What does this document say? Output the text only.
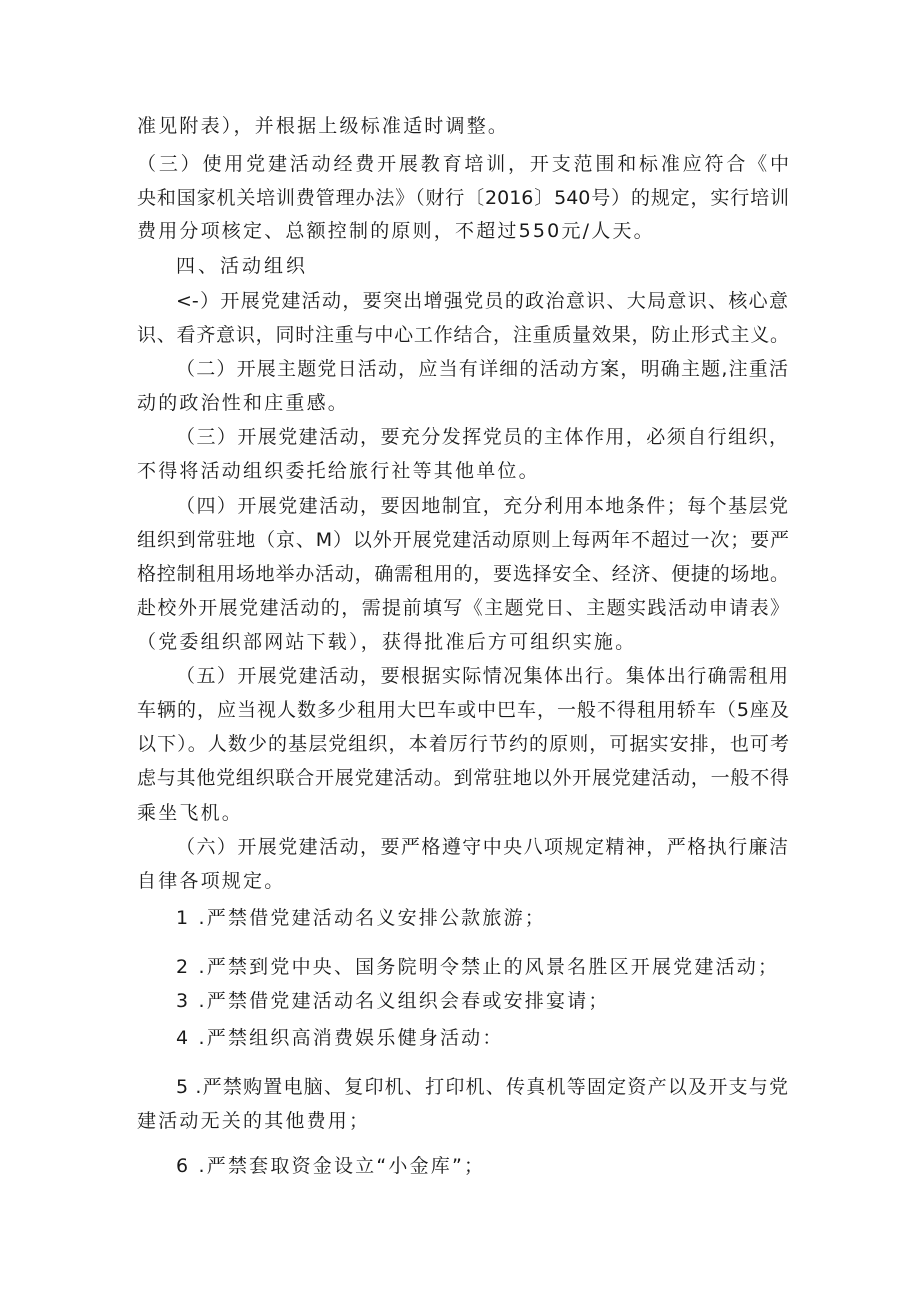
准见附表），并根据上级标准适时调整。

（三）使用党建活动经费开展教育培训，开支范围和标准应符合《中

央和国家机关培训费管理办法》（财行〔2016〕540号）的规定，实行培训

费用分项核定、总额控制的原则，不超过550元/人天。

四、活动组织

<-）开展党建活动，要突出增强党员的政治意识、大局意识、核心意

识、看齐意识，同时注重与中心工作结合，注重质量效果，防止形式主义。

（二）开展主题党日活动，应当有详细的活动方案，明确主题,注重活

动的政治性和庄重感。

（三）开展党建活动，要充分发挥党员的主体作用，必须自行组织，

不得将活动组织委托给旅行社等其他单位。

（四）开展党建活动，要因地制宜，充分利用本地条件；每个基层党

组织到常驻地（京、M）以外开展党建活动原则上每两年不超过一次；要严

格控制租用场地举办活动，确需租用的，要选择安全、经济、便捷的场地。

赴校外开展党建活动的，需提前填写《主题党日、主题实践活动申请表》

（党委组织部网站下载），获得批准后方可组织实施。

（五）开展党建活动，要根据实际情况集体出行。集体出行确需租用

车辆的，应当视人数多少租用大巴车或中巴车，一般不得租用轿车（5座及

以下）。人数少的基层党组织，本着厉行节约的原则，可据实安排，也可考

虑与其他党组织联合开展党建活动。到常驻地以外开展党建活动，一般不得

乘坐飞机。

（六）开展党建活动，要严格遵守中央八项规定精神，严格执行廉洁

自律各项规定。

1 .严禁借党建活动名义安排公款旅游；

2 .严禁到党中央、国务院明令禁止的风景名胜区开展党建活动；

3 .严禁借党建活动名义组织会春或安排宴请；

4 .严禁组织高消费娱乐健身活动：

5 .严禁购置电脑、复印机、打印机、传真机等固定资产以及开支与党

建活动无关的其他费用；

6 .严禁套取资金设立“小金库”；
